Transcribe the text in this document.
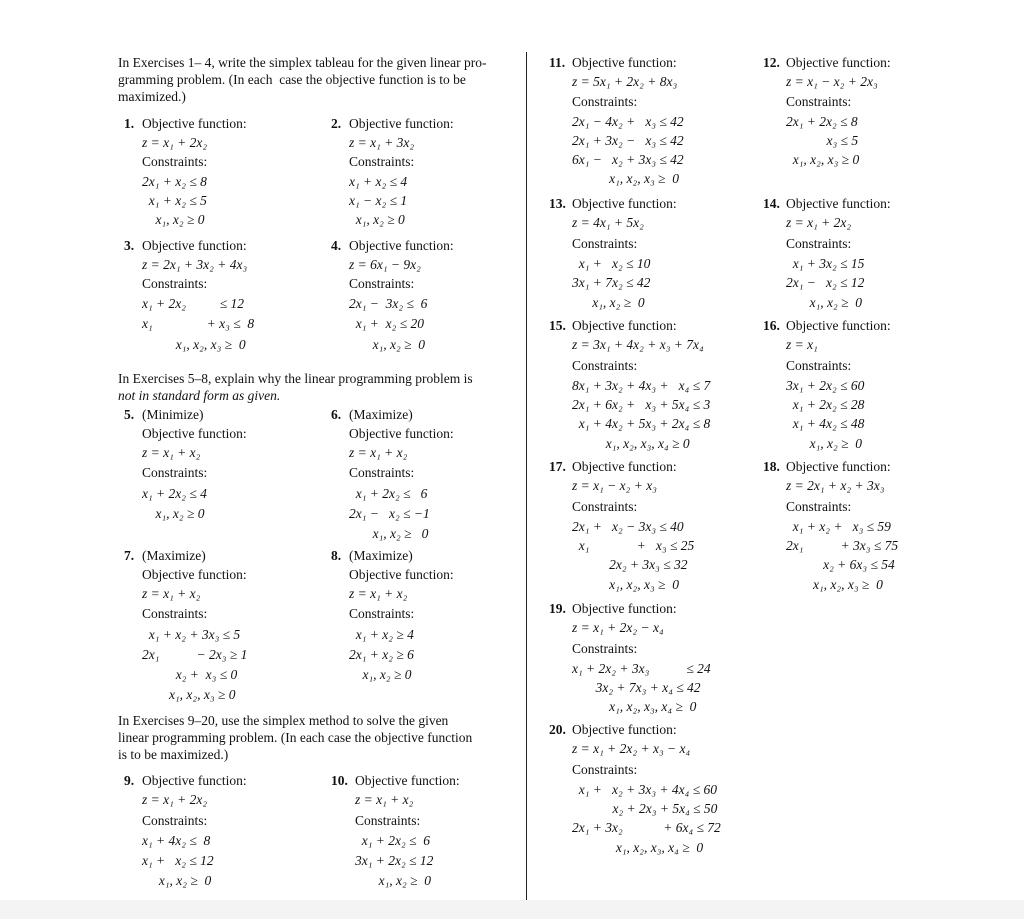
In Exercises 1– 4, write the simplex tableau for the given linear pro-
gramming problem. (In each  case the objective function is to be
maximized.)
In Exercises 5–8, explain why the linear programming problem is
not in standard form as given.
In Exercises 9–20, use the simplex method to solve the given
linear programming problem. (In each case the objective function
is to be maximized.)
1. Objective function:
z = x₁ + 2x₂
Constraints:
2x₁ + x₂ ≤ 8
x₁ + x₂ ≤ 5
x₁, x₂ ≥ 0
2. Objective function:
z = x₁ + 3x₂
Constraints:
x₁ + x₂ ≤ 4
x₁ − x₂ ≤ 1
x₁, x₂ ≥ 0
3. Objective function:
z = 2x₁ + 3x₂ + 4x₃
Constraints:
x₁ + 2x₂          ≤ 12
x₁                + x₃ ≤  8
x₁, x₂, x₃ ≥  0
4. Objective function:
z = 6x₁ − 9x₂
Constraints:
2x₁ −  3x₂ ≤  6
x₁ +  x₂ ≤ 20
x₁, x₂ ≥  0
5. (Minimize)
Objective function:
z = x₁ + x₂
Constraints:
x₁ + 2x₂ ≤ 4
x₁, x₂ ≥ 0
6. (Maximize)
Objective function:
z = x₁ + x₂
Constraints:
x₁ + 2x₂ ≤   6
2x₁ −   x₂ ≤ −1
x₁, x₂ ≥   0
7. (Maximize)
Objective function:
z = x₁ + x₂
Constraints:
x₁ + x₂ + 3x₃ ≤ 5
2x₁           − 2x₃ ≥ 1
x₂ +  x₃ ≤ 0
x₁, x₂, x₃ ≥ 0
8. (Maximize)
Objective function:
z = x₁ + x₂
Constraints:
x₁ + x₂ ≥ 4
2x₁ + x₂ ≥ 6
x₁, x₂ ≥ 0
9. Objective function:
z = x₁ + 2x₂
Constraints:
x₁ + 4x₂ ≤  8
x₁ +   x₂ ≤ 12
x₁, x₂ ≥  0
10. Objective function:
z = x₁ + x₂
Constraints:
x₁ + 2x₂ ≤  6
3x₁ + 2x₂ ≤ 12
x₁, x₂ ≥  0
11. Objective function:
z = 5x₁ + 2x₂ + 8x₃
Constraints:
2x₁ − 4x₂ +   x₃ ≤ 42
2x₁ + 3x₂ −   x₃ ≤ 42
6x₁ −   x₂ + 3x₃ ≤ 42
x₁, x₂, x₃ ≥  0
12. Objective function:
z = x₁ − x₂ + 2x₃
Constraints:
2x₁ + 2x₂ ≤ 8
x₃ ≤ 5
x₁, x₂, x₃ ≥ 0
13. Objective function:
z = 4x₁ + 5x₂
Constraints:
x₁ +   x₂ ≤ 10
3x₁ + 7x₂ ≤ 42
x₁, x₂ ≥  0
14. Objective function:
z = x₁ + 2x₂
Constraints:
x₁ + 3x₂ ≤ 15
2x₁ −   x₂ ≤ 12
x₁, x₂ ≥  0
15. Objective function:
z = 3x₁ + 4x₂ + x₃ + 7x₄
Constraints:
8x₁ + 3x₂ + 4x₃ +   x₄ ≤ 7
2x₁ + 6x₂ +   x₃ + 5x₄ ≤ 3
x₁ + 4x₂ + 5x₃ + 2x₄ ≤ 8
x₁, x₂, x₃, x₄ ≥ 0
16. Objective function:
z = x₁
Constraints:
3x₁ + 2x₂ ≤ 60
x₁ + 2x₂ ≤ 28
x₁ + 4x₂ ≤ 48
x₁, x₂ ≥  0
17. Objective function:
z = x₁ − x₂ + x₃
Constraints:
2x₁ +   x₂ − 3x₃ ≤ 40
x₁              +   x₃ ≤ 25
2x₂ + 3x₃ ≤ 32
x₁, x₂, x₃ ≥  0
18. Objective function:
z = 2x₁ + x₂ + 3x₃
Constraints:
x₁ + x₂ +   x₃ ≤ 59
2x₁           + 3x₃ ≤ 75
x₂ + 6x₃ ≤ 54
x₁, x₂, x₃ ≥  0
19. Objective function:
z = x₁ + 2x₂ − x₄
Constraints:
x₁ + 2x₂ + 3x₃           ≤ 24
3x₂ + 7x₃ + x₄ ≤ 42
x₁, x₂, x₃, x₄ ≥  0
20. Objective function:
z = x₁ + 2x₂ + x₃ − x₄
Constraints:
x₁ +   x₂ + 3x₃ + 4x₄ ≤ 60
x₂ + 2x₃ + 5x₄ ≤ 50
2x₁ + 3x₂            + 6x₄ ≤ 72
x₁, x₂, x₃, x₄ ≥  0
